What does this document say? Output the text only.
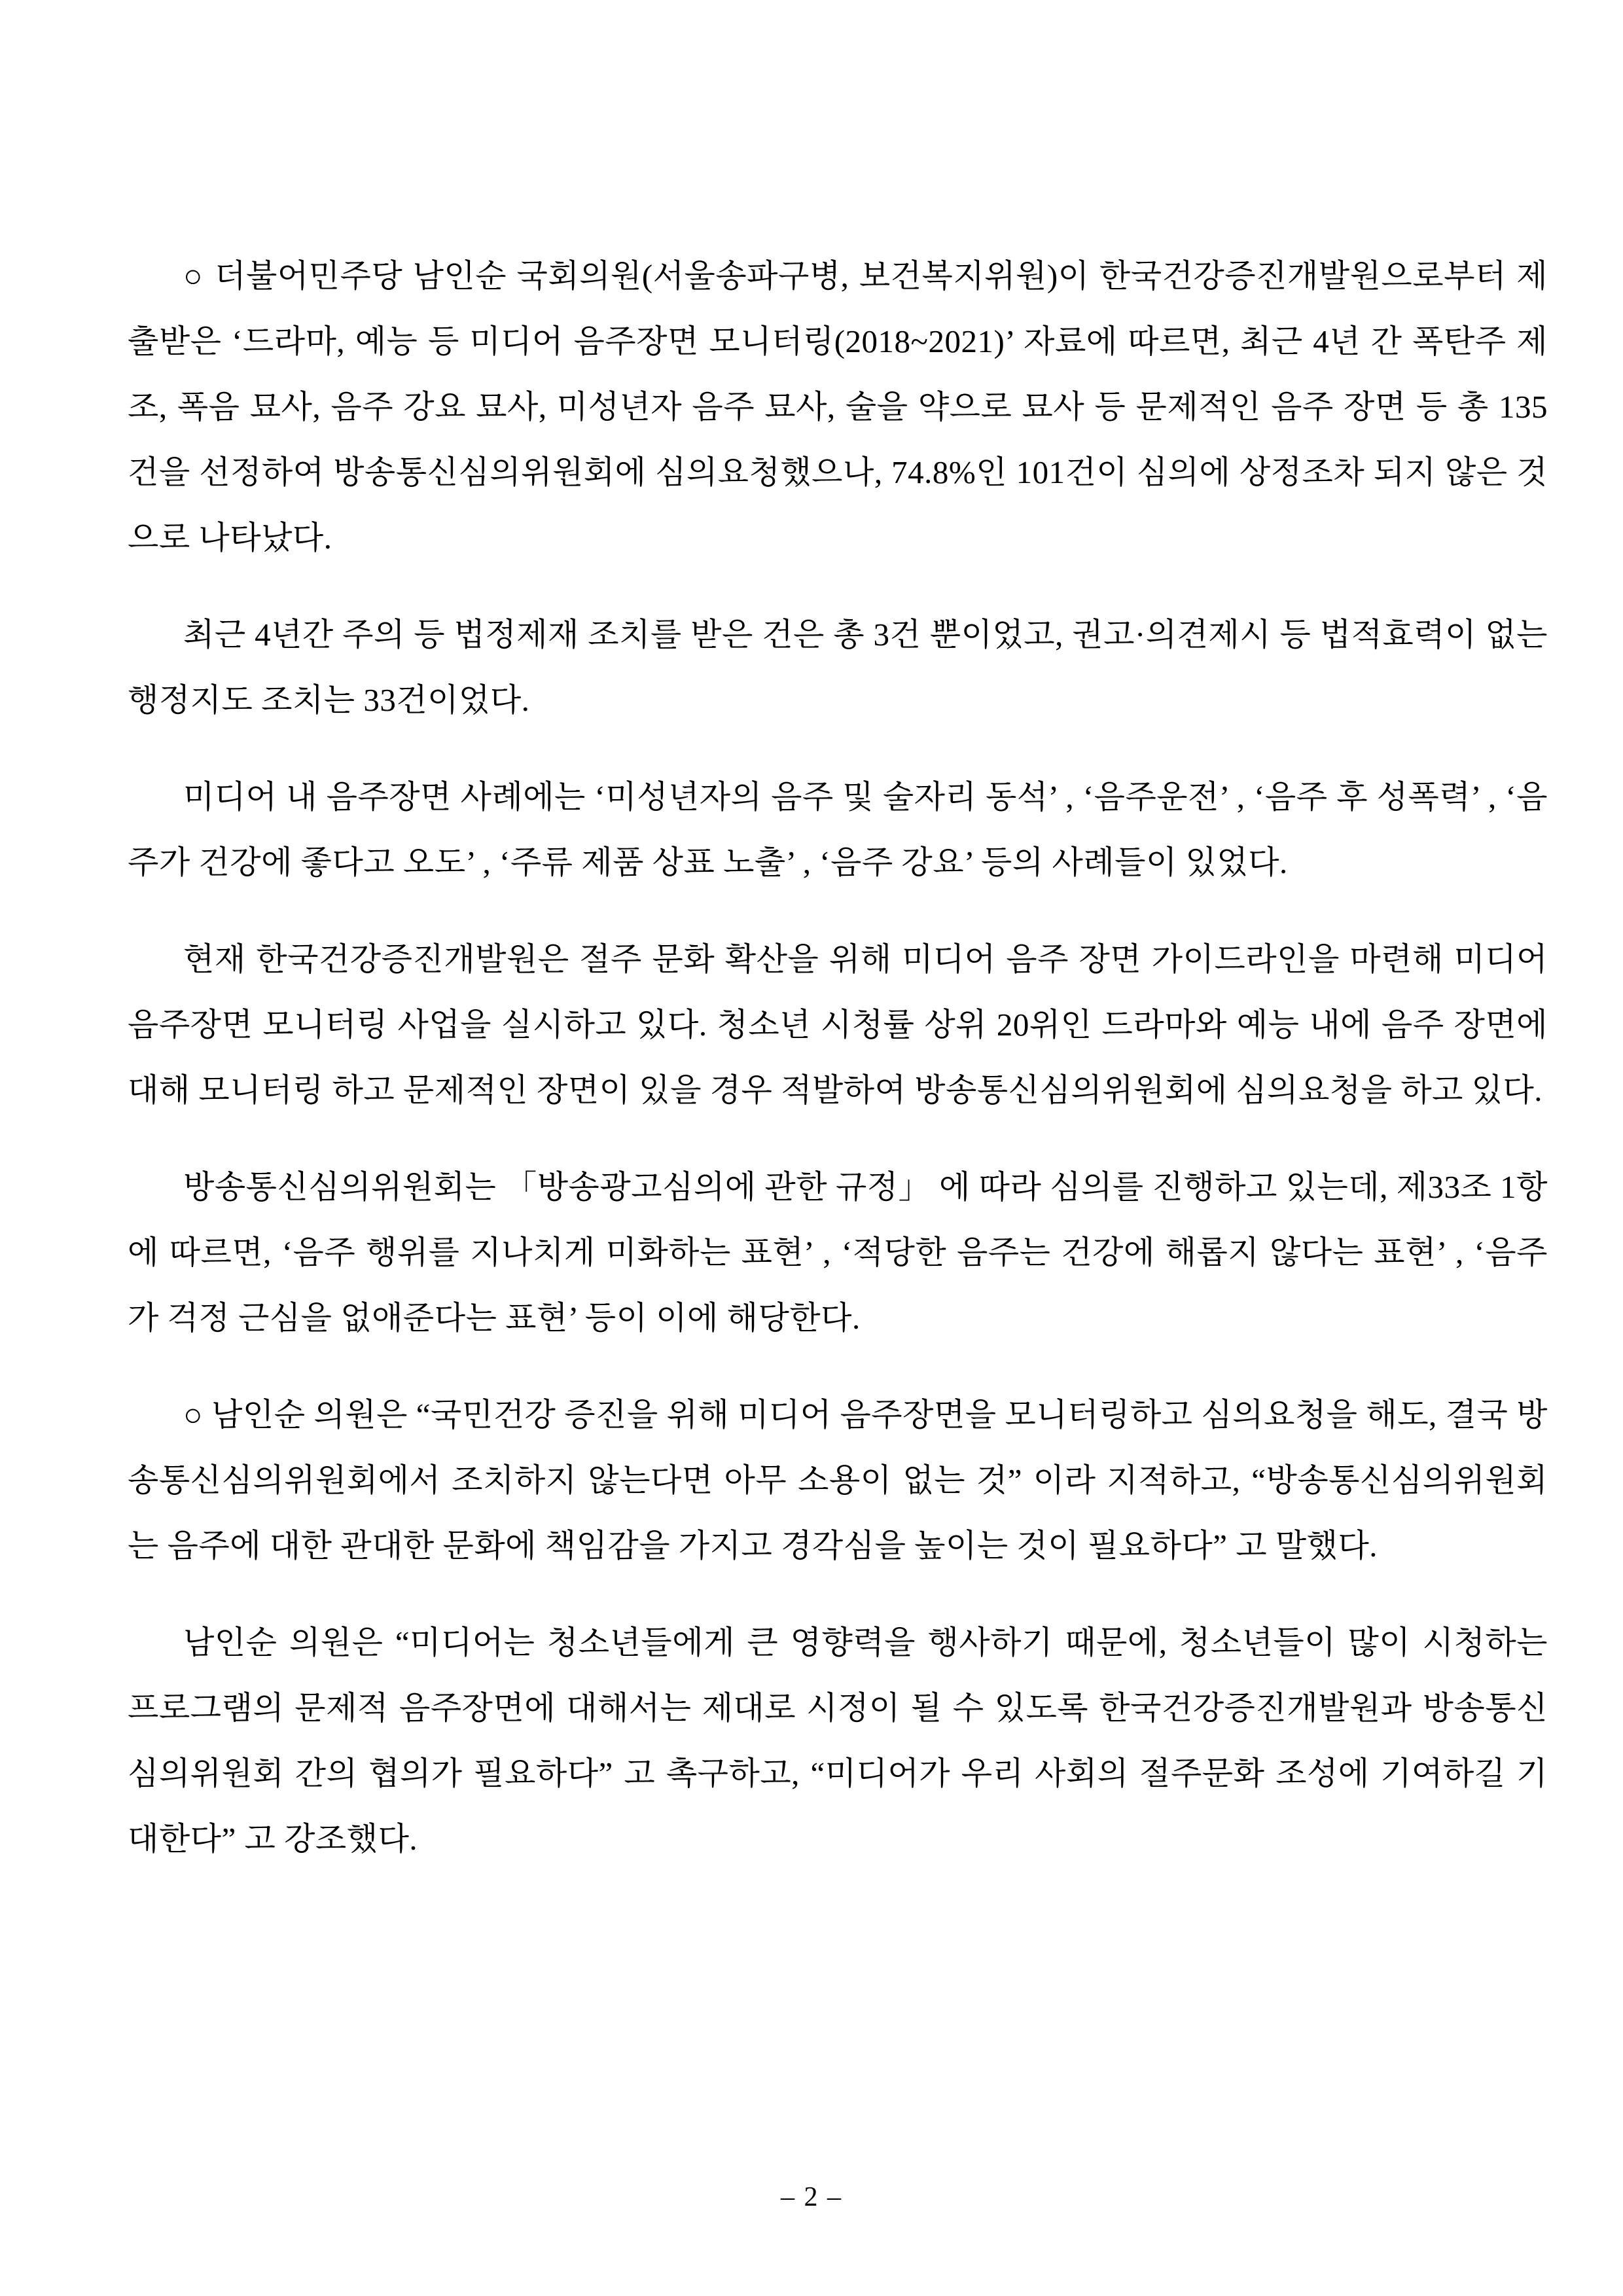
○ 더불어민주당 남인순 국회의원(서울송파구병, 보건복지위원)이 한국건강증진개발원으로부터 제출받은 ‘드라마, 예능 등 미디어 음주장면 모니터링(2018~2021)’ 자료에 따르면, 최근 4년 간 폭탄주 제조, 폭음 묘사, 음주 강요 묘사, 미성년자 음주 묘사, 술을 약으로 묘사 등 문제적인 음주 장면 등 총 135건을 선정하여 방송통신심의위원회에 심의요청했으나, 74.8%인 101건이 심의에 상정조차 되지 않은 것으로 나타났다.

최근 4년간 주의 등 법정제재 조치를 받은 건은 총 3건 뿐이었고, 권고·의견제시 등 법적효력이 없는 행정지도 조치는 33건이었다.

미디어 내 음주장면 사례에는 ‘미성년자의 음주 및 술자리 동석’ , ‘음주운전’ , ‘음주 후 성폭력’ , ‘음주가 건강에 좋다고 오도’ , ‘주류 제품 상표 노출’ , ‘음주 강요’ 등의 사례들이 있었다.

현재 한국건강증진개발원은 절주 문화 확산을 위해 미디어 음주 장면 가이드라인을 마련해 미디어 음주장면 모니터링 사업을 실시하고 있다. 청소년 시청률 상위 20위인 드라마와 예능 내에 음주 장면에 대해 모니터링 하고 문제적인 장면이 있을 경우 적발하여 방송통신심의위원회에 심의요청을 하고 있다.

방송통신심의위원회는 「방송광고심의에 관한 규정」 에 따라 심의를 진행하고 있는데, 제33조 1항에 따르면, ‘음주 행위를 지나치게 미화하는 표현’ , ‘적당한 음주는 건강에 해롭지 않다는 표현’ , ‘음주가 걱정 근심을 없애준다는 표현’ 등이 이에 해당한다.

○ 남인순 의원은 “국민건강 증진을 위해 미디어 음주장면을 모니터링하고 심의요청을 해도, 결국 방송통신심의위원회에서 조치하지 않는다면 아무 소용이 없는 것” 이라 지적하고, “방송통신심의위원회는 음주에 대한 관대한 문화에 책임감을 가지고 경각심을 높이는 것이 필요하다” 고 말했다.

남인순 의원은 “미디어는 청소년들에게 큰 영향력을 행사하기 때문에, 청소년들이 많이 시청하는 프로그램의 문제적 음주장면에 대해서는 제대로 시정이 될 수 있도록 한국건강증진개발원과 방송통신심의위원회 간의 협의가 필요하다” 고 촉구하고, “미디어가 우리 사회의 절주문화 조성에 기여하길 기대한다” 고 강조했다.

– 2 –
